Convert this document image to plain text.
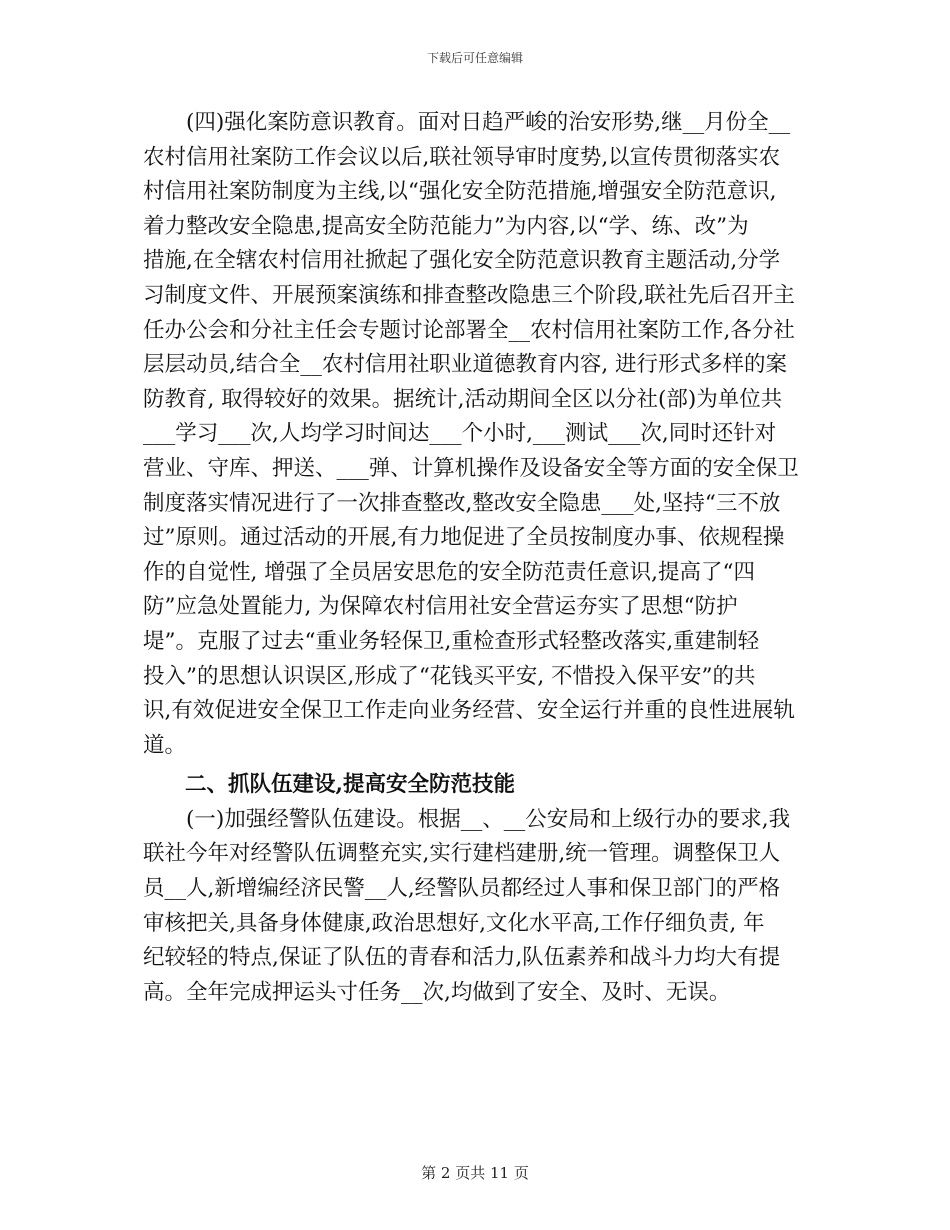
下载后可任意编辑
　　(四)强化案防意识教育。面对日趋严峻的治安形势,继__月份全__
农村信用社案防工作会议以后,联社领导审时度势,以宣传贯彻落实农
村信用社案防制度为主线,以“强化安全防范措施,增强安全防范意识,
着力整改安全隐患,提高安全防范能力”为内容,以“学、练、改”为
措施,在全辖农村信用社掀起了强化安全防范意识教育主题活动,分学
习制度文件、开展预案演练和排查整改隐患三个阶段,联社先后召开主
任办公会和分社主任会专题讨论部署全__农村信用社案防工作,各分社
层层动员,结合全__农村信用社职业道德教育内容, 进行形式多样的案
防教育, 取得较好的效果。据统计,活动期间全区以分社(部)为单位共
___学习___次,人均学习时间达___个小时,___测试___次,同时还针对
营业、守库、押送、___弹、计算机操作及设备安全等方面的安全保卫
制度落实情况进行了一次排查整改,整改安全隐患___处,坚持“三不放
过”原则。通过活动的开展,有力地促进了全员按制度办事、依规程操
作的自觉性, 增强了全员居安思危的安全防范责任意识,提高了“四
防”应急处置能力, 为保障农村信用社安全营运夯实了思想“防护
堤”。克服了过去“重业务轻保卫,重检查形式轻整改落实,重建制轻
投入”的思想认识误区,形成了“花钱买平安, 不惜投入保平安”的共
识,有效促进安全保卫工作走向业务经营、安全运行并重的良性进展轨
道。
二、抓队伍建设,提高安全防范技能
　　(一)加强经警队伍建设。根据__、__公安局和上级行办的要求,我
联社今年对经警队伍调整充实,实行建档建册,统一管理。调整保卫人
员__人,新增编经济民警__人,经警队员都经过人事和保卫部门的严格
审核把关,具备身体健康,政治思想好,文化水平高,工作仔细负责, 年
纪较轻的特点,保证了队伍的青春和活力,队伍素养和战斗力均大有提
高。全年完成押运头寸任务__次,均做到了安全、及时、无误。
第 2 页共 11 页
